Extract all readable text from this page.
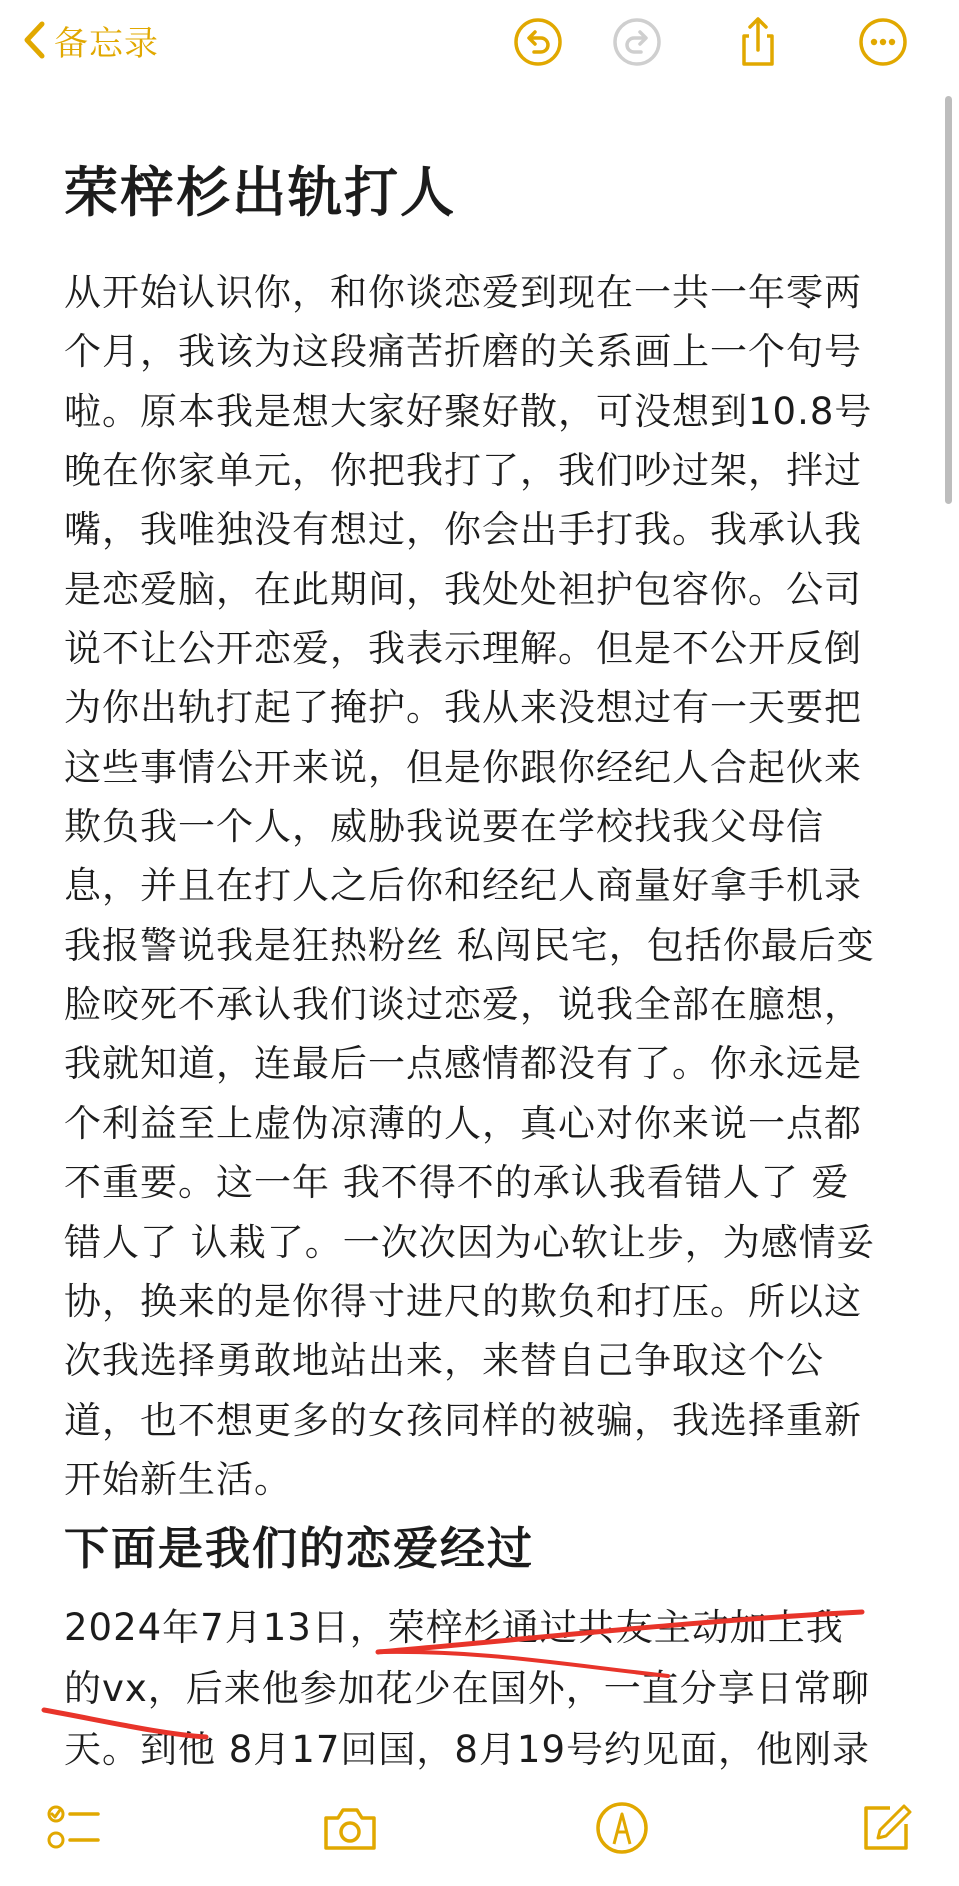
备忘录
荣梓杉出轨打人
从开始认识你，和你谈恋爱到现在一共一年零两
个月，我该为这段痛苦折磨的关系画上一个句号
啦。原本我是想大家好聚好散，可没想到10.8号
晚在你家单元，你把我打了，我们吵过架，拌过
嘴，我唯独没有想过，你会出手打我。我承认我
是恋爱脑，在此期间，我处处袒护包容你。公司
说不让公开恋爱，我表示理解。但是不公开反倒
为你出轨打起了掩护。我从来没想过有一天要把
这些事情公开来说，但是你跟你经纪人合起伙来
欺负我一个人，威胁我说要在学校找我父母信
息，并且在打人之后你和经纪人商量好拿手机录
我报警说我是狂热粉丝 私闯民宅，包括你最后变
脸咬死不承认我们谈过恋爱，说我全部在臆想，
我就知道，连最后一点感情都没有了。你永远是
个利益至上虚伪凉薄的人，真心对你来说一点都
不重要。这一年 我不得不的承认我看错人了 爱
错人了 认栽了。一次次因为心软让步，为感情妥
协，换来的是你得寸进尺的欺负和打压。所以这
次我选择勇敢地站出来，来替自己争取这个公
道，也不想更多的女孩同样的被骗，我选择重新
开始新生活。
下面是我们的恋爱经过
2024年7月13日，荣梓杉通过共友主动加上我
的vx，后来他参加花少在国外，一直分享日常聊
天。到他 8月17回国，8月19号约见面，他刚录
